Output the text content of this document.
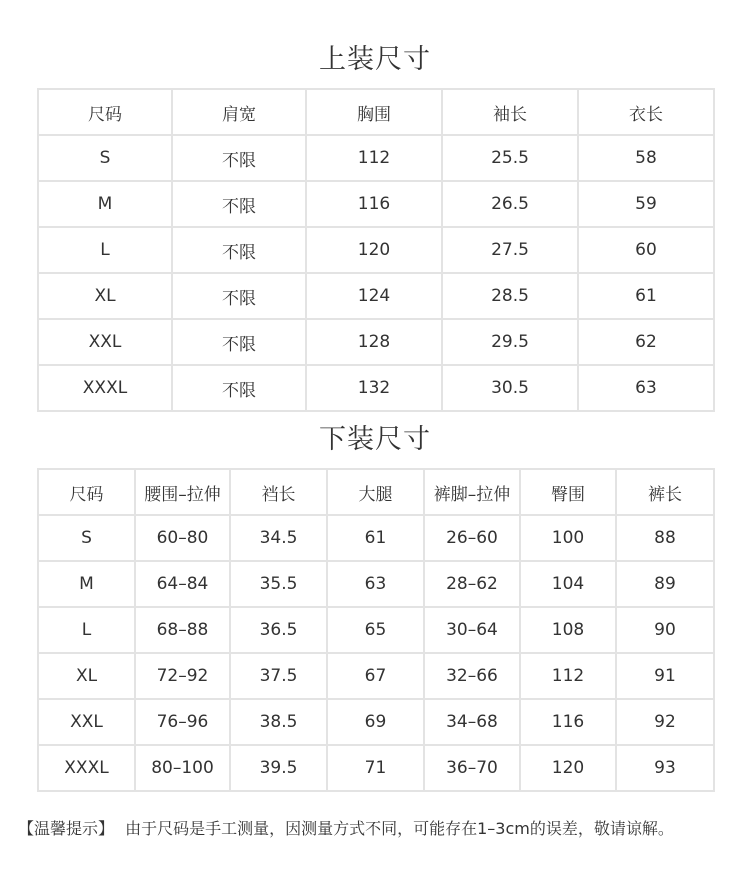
上装尺寸
尺码	肩宽	胸围	袖长	衣长
S	不限	112	25.5	58
M	不限	116	26.5	59
L	不限	120	27.5	60
XL	不限	124	28.5	61
XXL	不限	128	29.5	62
XXXL	不限	132	30.5	63
下装尺寸
尺码	腰围–拉伸	裆长	大腿	裤脚–拉伸	臀围	裤长
S	60–80	34.5	61	26–60	100	88
M	64–84	35.5	63	28–62	104	89
L	68–88	36.5	65	30–64	108	90
XL	72–92	37.5	67	32–66	112	91
XXL	76–96	38.5	69	34–68	116	92
XXXL	80–100	39.5	71	36–70	120	93
【温馨提示】 由于尺码是手工测量，因测量方式不同，可能存在1–3cm的误差，敬请谅解。
